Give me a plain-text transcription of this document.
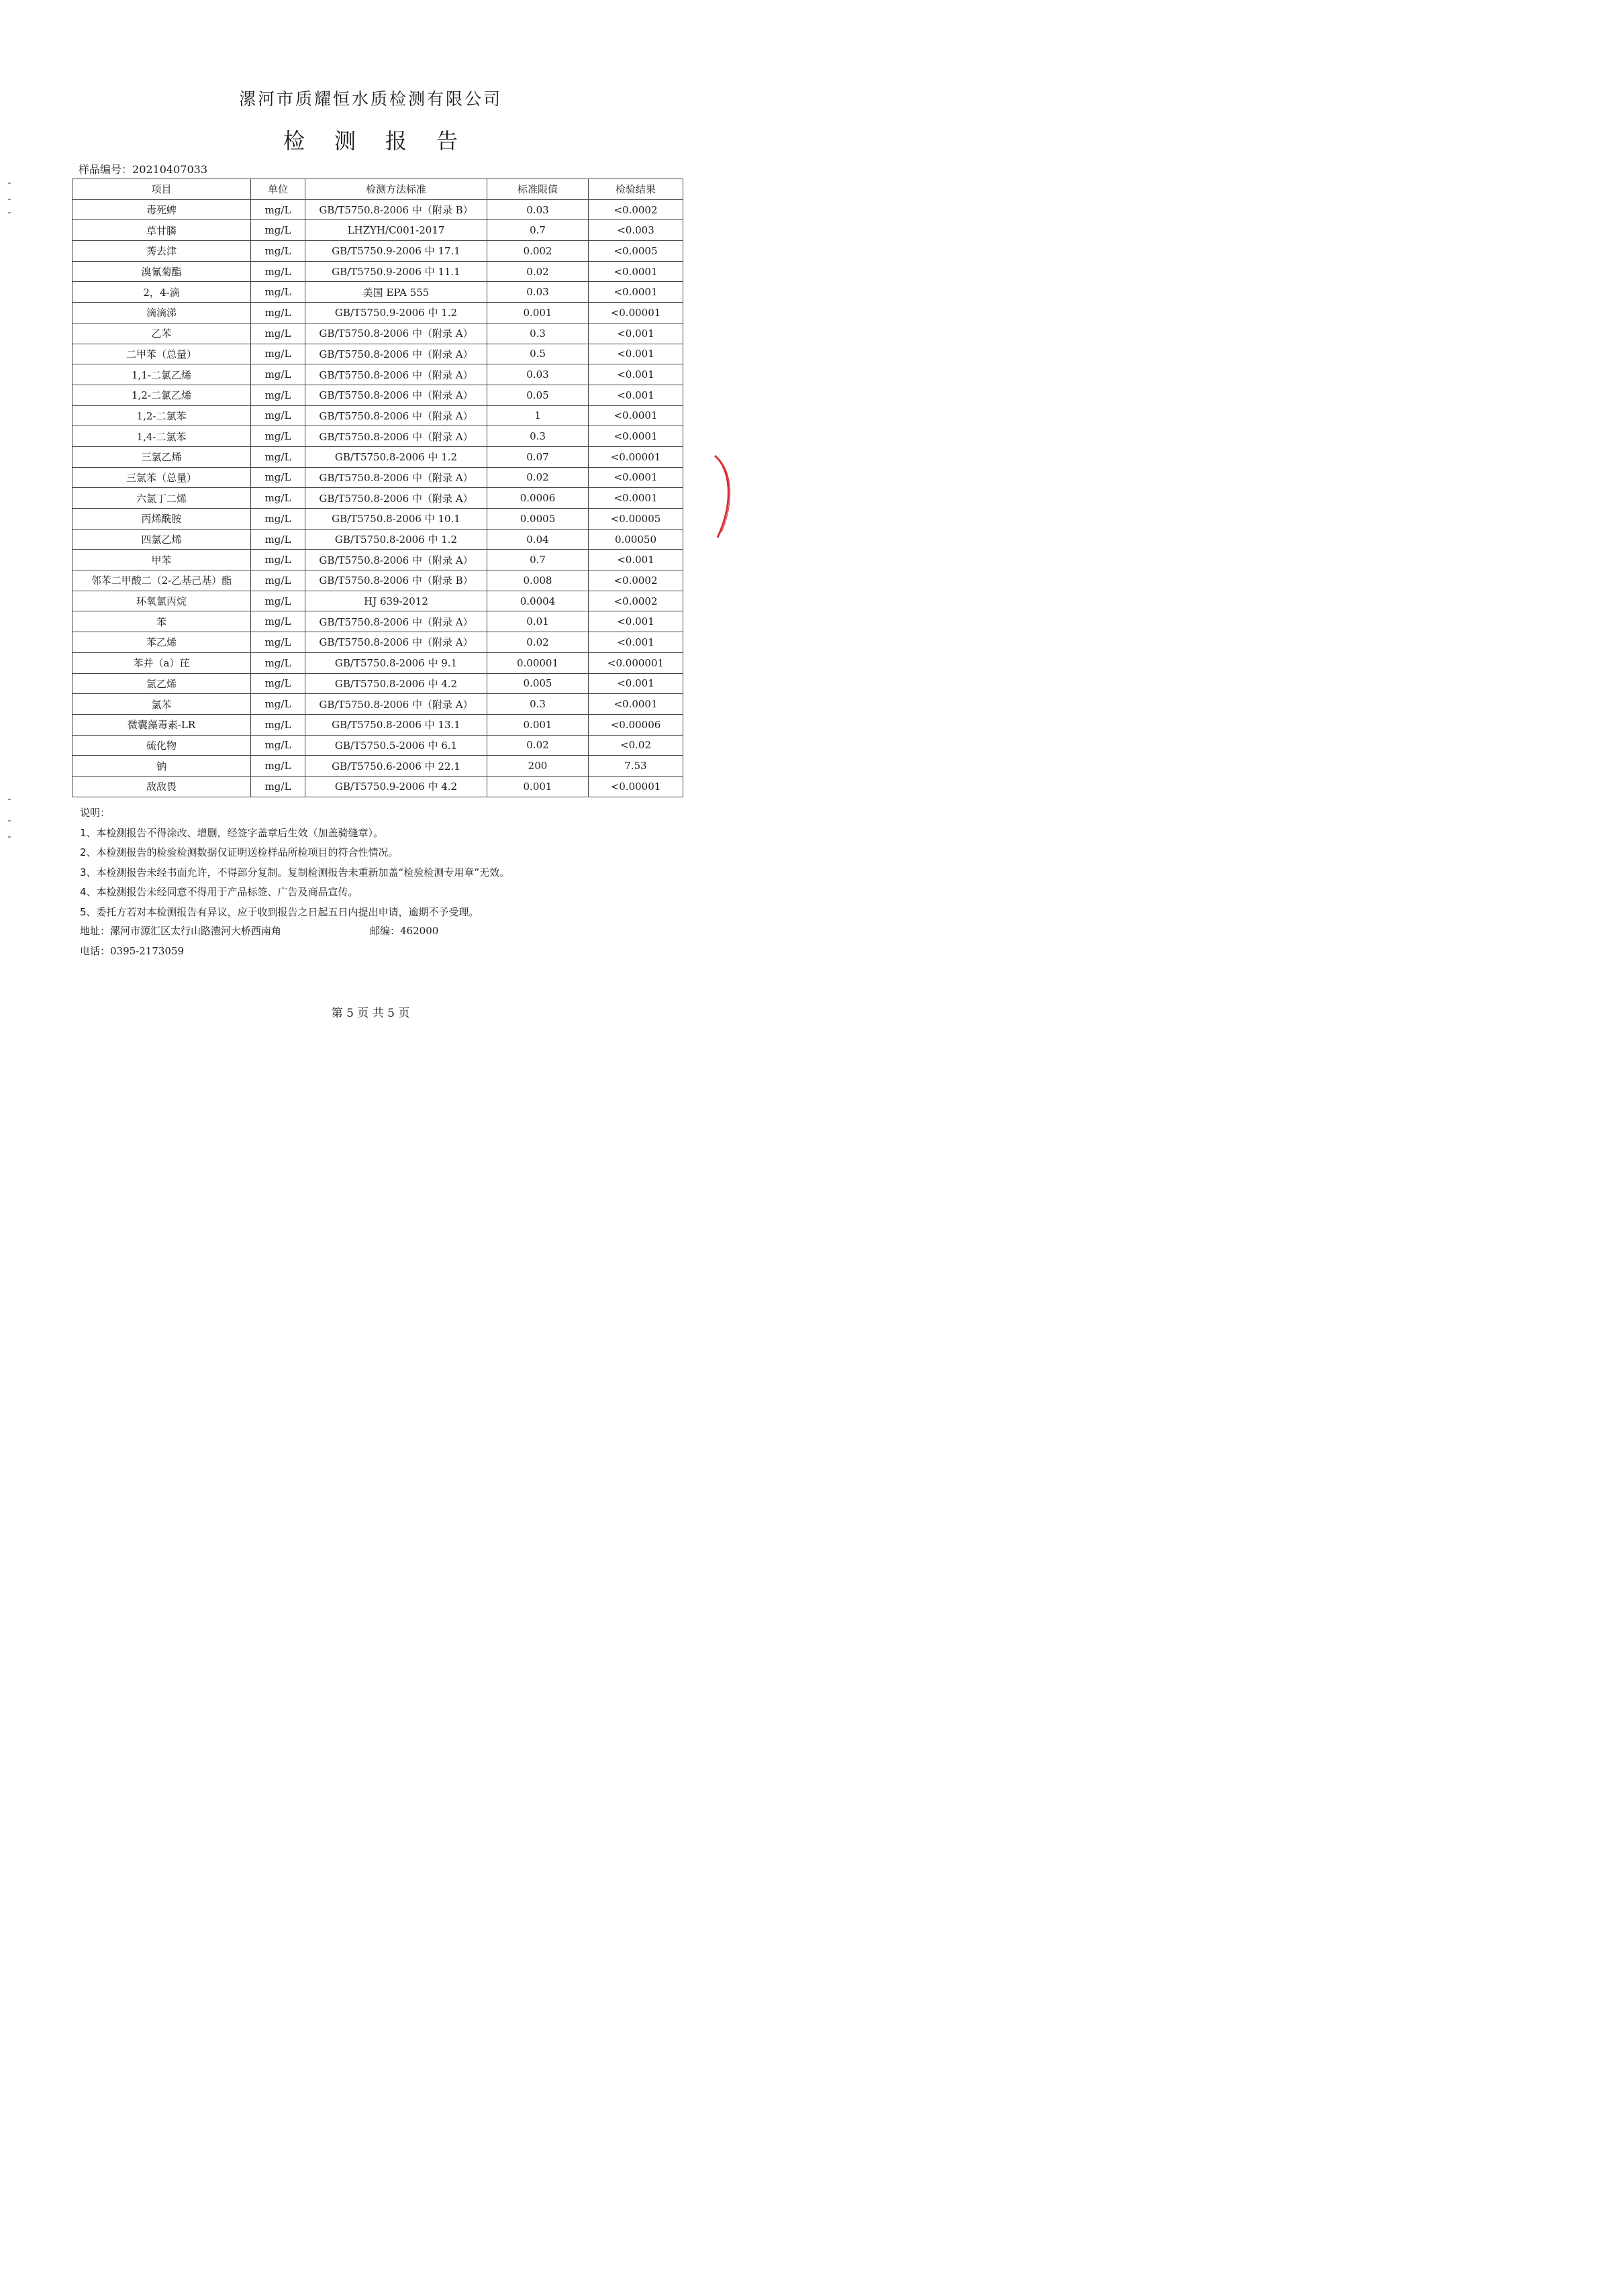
漯河市质耀恒水质检测有限公司
检 测 报 告
样品编号：20210407033
项目	单位	检测方法标准	标准限值	检验结果
毒死蜱	mg/L	GB/T5750.8-2006 中（附录 B）	0.03	<0.0002
草甘膦	mg/L	LHZYH/C001-2017	0.7	<0.003
莠去津	mg/L	GB/T5750.9-2006 中 17.1	0.002	<0.0005
溴氰菊酯	mg/L	GB/T5750.9-2006 中 11.1	0.02	<0.0001
2，4-滴	mg/L	美国 EPA 555	0.03	<0.0001
滴滴涕	mg/L	GB/T5750.9-2006 中 1.2	0.001	<0.00001
乙苯	mg/L	GB/T5750.8-2006 中（附录 A）	0.3	<0.001
二甲苯（总量）	mg/L	GB/T5750.8-2006 中（附录 A）	0.5	<0.001
1,1-二氯乙烯	mg/L	GB/T5750.8-2006 中（附录 A）	0.03	<0.001
1,2-二氯乙烯	mg/L	GB/T5750.8-2006 中（附录 A）	0.05	<0.001
1,2-二氯苯	mg/L	GB/T5750.8-2006 中（附录 A）	1	<0.0001
1,4-二氯苯	mg/L	GB/T5750.8-2006 中（附录 A）	0.3	<0.0001
三氯乙烯	mg/L	GB/T5750.8-2006 中 1.2	0.07	<0.00001
三氯苯（总量）	mg/L	GB/T5750.8-2006 中（附录 A）	0.02	<0.0001
六氯丁二烯	mg/L	GB/T5750.8-2006 中（附录 A）	0.0006	<0.0001
丙烯酰胺	mg/L	GB/T5750.8-2006 中 10.1	0.0005	<0.00005
四氯乙烯	mg/L	GB/T5750.8-2006 中 1.2	0.04	0.00050
甲苯	mg/L	GB/T5750.8-2006 中（附录 A）	0.7	<0.001
邻苯二甲酸二（2-乙基己基）酯	mg/L	GB/T5750.8-2006 中（附录 B）	0.008	<0.0002
环氧氯丙烷	mg/L	HJ 639-2012	0.0004	<0.0002
苯	mg/L	GB/T5750.8-2006 中（附录 A）	0.01	<0.001
苯乙烯	mg/L	GB/T5750.8-2006 中（附录 A）	0.02	<0.001
苯并（a）芘	mg/L	GB/T5750.8-2006 中 9.1	0.00001	<0.000001
氯乙烯	mg/L	GB/T5750.8-2006 中 4.2	0.005	<0.001
氯苯	mg/L	GB/T5750.8-2006 中（附录 A）	0.3	<0.0001
微囊藻毒素-LR	mg/L	GB/T5750.8-2006 中 13.1	0.001	<0.00006
硫化物	mg/L	GB/T5750.5-2006 中 6.1	0.02	<0.02
钠	mg/L	GB/T5750.6-2006 中 22.1	200	7.53
敌敌畏	mg/L	GB/T5750.9-2006 中 4.2	0.001	<0.00001
说明：
1、本检测报告不得涂改、增删，经签字盖章后生效（加盖骑缝章）。
2、本检测报告的检验检测数据仅证明送检样品所检项目的符合性情况。
3、本检测报告未经书面允许，不得部分复制。复制检测报告未重新加盖“检验检测专用章”无效。
4、本检测报告未经同意不得用于产品标签、广告及商品宣传。
5、委托方若对本检测报告有异议，应于收到报告之日起五日内提出申请，逾期不予受理。
地址：漯河市源汇区太行山路澧河大桥西南角	邮编：462000
电话：0395-2173059
第 5 页 共 5 页
